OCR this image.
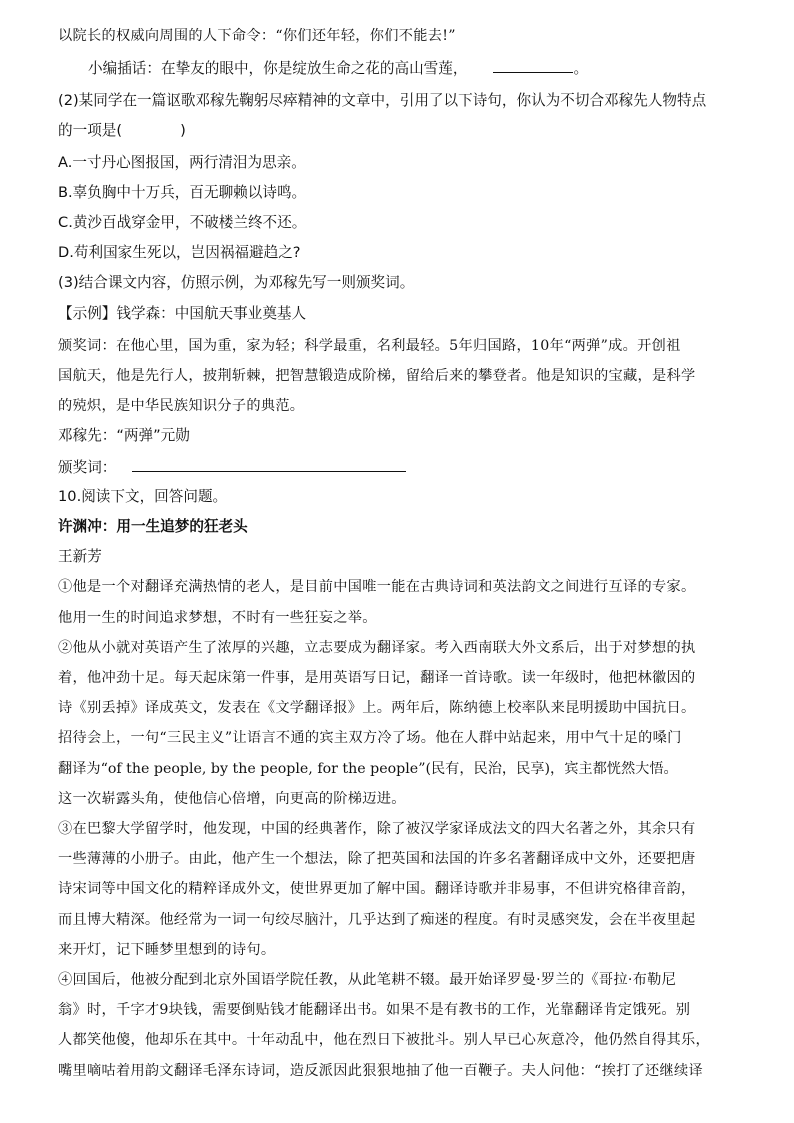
以院长的权威向周围的人下命令：“你们还年轻，你们不能去!”
小编插话：在挚友的眼中，你是绽放生命之花的高山雪莲，	。
(2)某同学在一篇讴歌邓稼先鞠躬尽瘁精神的文章中，引用了以下诗句，你认为不切合邓稼先人物特点
的一项是(	)
A.一寸丹心图报国，两行清泪为思亲。
B.辜负胸中十万兵，百无聊赖以诗鸣。
C.黄沙百战穿金甲，不破楼兰终不还。
D.苟利国家生死以，岂因祸福避趋之?
(3)结合课文内容，仿照示例，为邓稼先写一则颁奖词。
【示例】钱学森：中国航天事业奠基人
颁奖词：在他心里，国为重，家为轻；科学最重，名利最轻。5年归国路，10年“两弹”成。开创祖
国航天，他是先行人，披荆斩棘，把智慧锻造成阶梯，留给后来的攀登者。他是知识的宝藏，是科学
的殑炽，是中华民族知识分子的典范。
邓稼先：“两弹”元勋
颁奖词：
10.阅读下文，回答问题。
许渊冲：用一生追梦的狂老头
王新芳
①他是一个对翻译充满热情的老人，是目前中国唯一能在古典诗词和英法韵文之间进行互译的专家。
他用一生的时间追求梦想，不时有一些狂妄之举。
②他从小就对英语产生了浓厚的兴趣，立志要成为翻译家。考入西南联大外文系后，出于对梦想的执
着，他冲劲十足。每天起床第一件事，是用英语写日记，翻译一首诗歌。读一年级时，他把林徽因的
诗《别丢掉》译成英文，发表在《文学翻译报》上。两年后，陈纳德上校率队来昆明援助中国抗日。
招待会上，一句“三民主义”让语言不通的宾主双方冷了场。他在人群中站起来，用中气十足的嗓门
翻译为“of the people, by the people, for the people”(民有，民治，民享)，宾主都恍然大悟。
这一次崭露头角，使他信心倍增，向更高的阶梯迈进。
③在巴黎大学留学时，他发现，中国的经典著作，除了被汉学家译成法文的四大名著之外，其余只有
一些薄薄的小册子。由此，他产生一个想法，除了把英国和法国的许多名著翻译成中文外，还要把唐
诗宋词等中国文化的精粹译成外文，使世界更加了解中国。翻译诗歌并非易事，不但讲究格律音韵，
而且博大精深。他经常为一词一句绞尽脑汁，几乎达到了痴迷的程度。有时灵感突发，会在半夜里起
来开灯，记下睡梦里想到的诗句。
④回国后，他被分配到北京外国语学院任教，从此笔耕不辍。最开始译罗曼·罗兰的《哥拉·布勒尼
翁》时，千字才9块钱，需要倒贴钱才能翻译出书。如果不是有教书的工作，光靠翻译肯定饿死。别
人都笑他傻，他却乐在其中。十年动乱中，他在烈日下被批斗。别人早已心灰意冷，他仍然自得其乐，
嘴里嘀咕着用韵文翻译毛泽东诗词，造反派因此狠狠地抽了他一百鞭子。夫人问他：“挨打了还继续译
